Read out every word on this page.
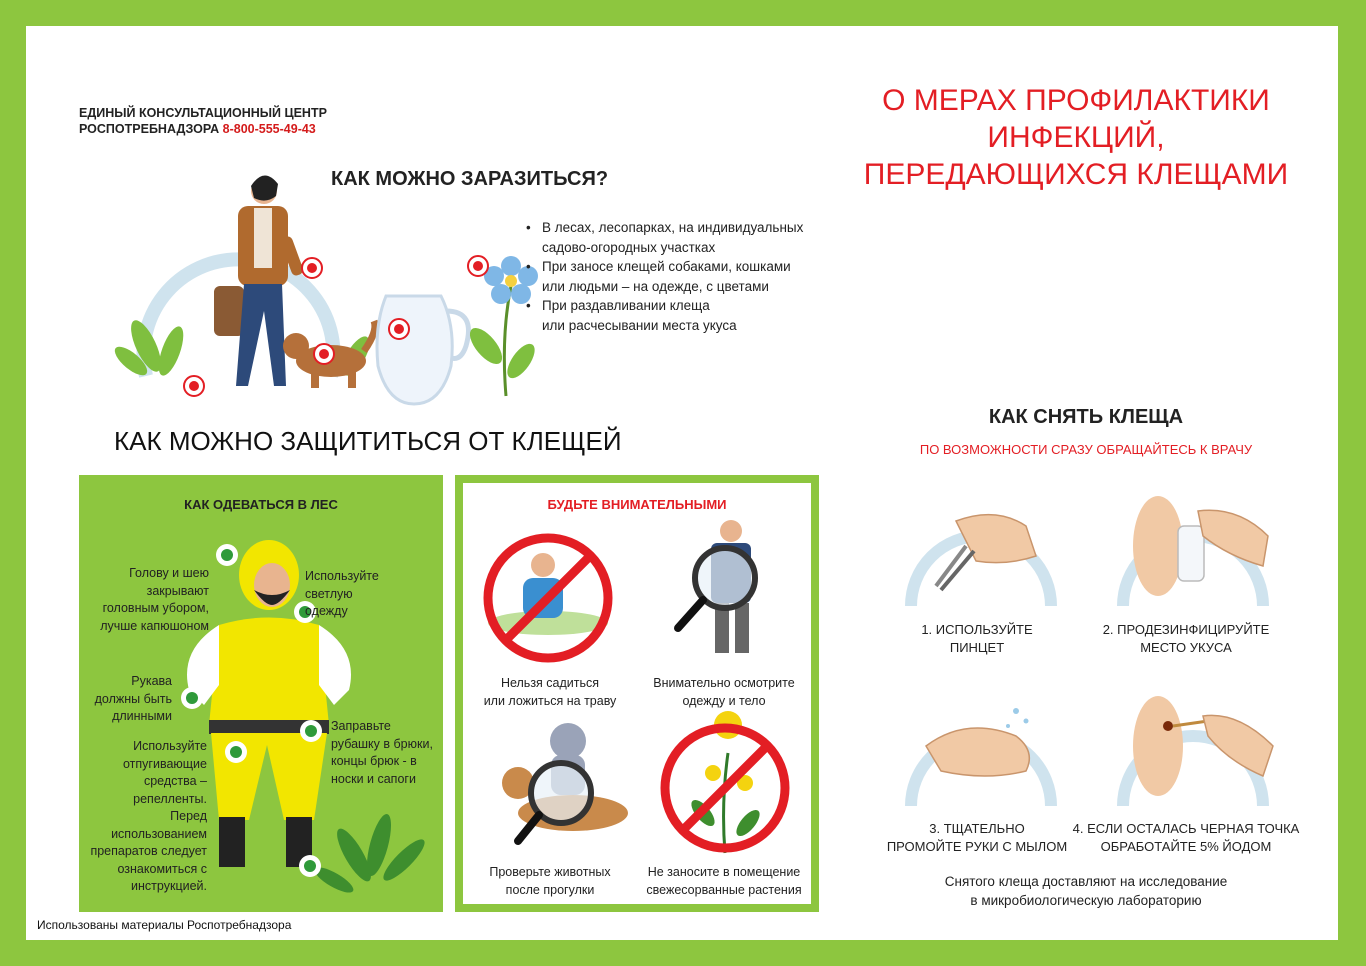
ЕДИНЫЙ КОНСУЛЬТАЦИОННЫЙ ЦЕНТР
РОСПОТРЕБНАДЗОРА 8-800-555-49-43
О МЕРАХ ПРОФИЛАКТИКИ
ИНФЕКЦИЙ,
ПЕРЕДАЮЩИХСЯ КЛЕЩАМИ
КАК МОЖНО ЗАРАЗИТЬСЯ?
• В лесах, лесопарках, на индивидуальных
садово-огородных участках
• При заносе клещей собаками, кошками
или людьми – на одежде, с цветами
• При раздавливании клеща
или расчесывании места укуса
КАК МОЖНО ЗАЩИТИТЬСЯ ОТ КЛЕЩЕЙ
КАК ОДЕВАТЬСЯ В ЛЕС
Голову и шею
закрывают
головным убором,
лучше капюшоном
Используйте
светлую
одежду
Рукава
должны быть
длинными
Заправьте
рубашку в брюки,
концы брюк - в
носки и сапоги
Используйте
отпугивающие
средства –
репелленты.
Перед
использованием
препаратов следует
ознакомиться с
инструкцией.
БУДЬТЕ ВНИМАТЕЛЬНЫМИ
Нельзя садиться
или ложиться на траву
Внимательно осмотрите
одежду и тело
Проверьте животных
после прогулки
Не заносите в помещение
свежесорванные растения
КАК СНЯТЬ КЛЕЩА
ПО ВОЗМОЖНОСТИ СРАЗУ ОБРАЩАЙТЕСЬ К ВРАЧУ
1. ИСПОЛЬЗУЙТЕ
ПИНЦЕТ
2. ПРОДЕЗИНФИЦИРУЙТЕ
МЕСТО УКУСА
3. ТЩАТЕЛЬНО
ПРОМОЙТЕ РУКИ С МЫЛОМ
4. ЕСЛИ ОСТАЛАСЬ ЧЕРНАЯ ТОЧКА
ОБРАБОТАЙТЕ 5% ЙОДОМ
Снятого клеща доставляют на исследование
в микробиологическую лабораторию
Использованы материалы Роспотребнадзора
